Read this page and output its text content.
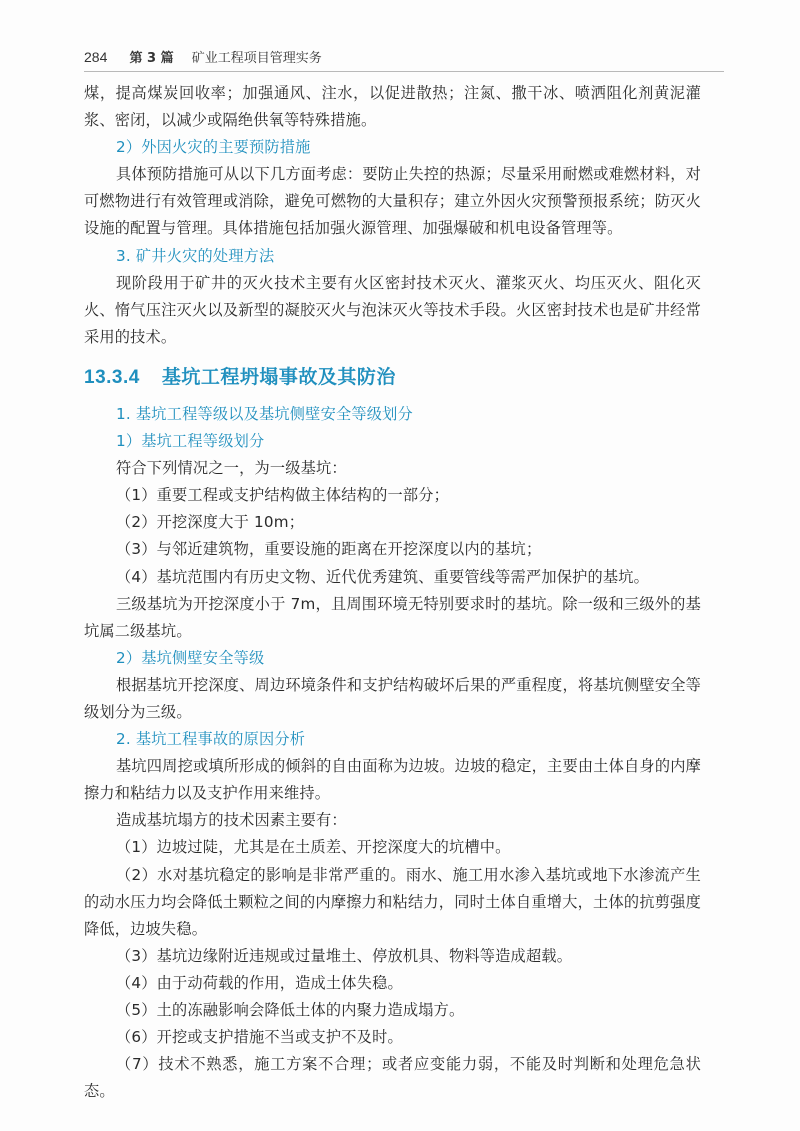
284 第 3 篇 矿业工程项目管理实务

煤，提高煤炭回收率；加强通风、注水，以促进散热；注氮、撒干冰、喷洒阻化剂黄泥灌浆、密闭，以减少或隔绝供氧等特殊措施。

2）外因火灾的主要预防措施

具体预防措施可从以下几方面考虑：要防止失控的热源；尽量采用耐燃或难燃材料，对可燃物进行有效管理或消除，避免可燃物的大量积存；建立外因火灾预警预报系统；防灭火设施的配置与管理。具体措施包括加强火源管理、加强爆破和机电设备管理等。

3. 矿井火灾的处理方法

现阶段用于矿井的灭火技术主要有火区密封技术灭火、灌浆灭火、均压灭火、阻化灭火、惰气压注灭火以及新型的凝胶灭火与泡沫灭火等技术手段。火区密封技术也是矿井经常采用的技术。

13.3.4 基坑工程坍塌事故及其防治

1. 基坑工程等级以及基坑侧壁安全等级划分

1）基坑工程等级划分

符合下列情况之一，为一级基坑：

（1）重要工程或支护结构做主体结构的一部分；

（2）开挖深度大于 10m；

（3）与邻近建筑物，重要设施的距离在开挖深度以内的基坑；

（4）基坑范围内有历史文物、近代优秀建筑、重要管线等需严加保护的基坑。

三级基坑为开挖深度小于 7m，且周围环境无特别要求时的基坑。除一级和三级外的基坑属二级基坑。

2）基坑侧壁安全等级

根据基坑开挖深度、周边环境条件和支护结构破坏后果的严重程度，将基坑侧壁安全等级划分为三级。

2. 基坑工程事故的原因分析

基坑四周挖或填所形成的倾斜的自由面称为边坡。边坡的稳定，主要由土体自身的内摩擦力和粘结力以及支护作用来维持。

造成基坑塌方的技术因素主要有：

（1）边坡过陡，尤其是在土质差、开挖深度大的坑槽中。

（2）水对基坑稳定的影响是非常严重的。雨水、施工用水渗入基坑或地下水渗流产生的动水压力均会降低土颗粒之间的内摩擦力和粘结力，同时土体自重增大，土体的抗剪强度降低，边坡失稳。

（3）基坑边缘附近违规或过量堆土、停放机具、物料等造成超载。

（4）由于动荷载的作用，造成土体失稳。

（5）土的冻融影响会降低土体的内聚力造成塌方。

（6）开挖或支护措施不当或支护不及时。

（7）技术不熟悉，施工方案不合理；或者应变能力弱，不能及时判断和处理危急状态。
